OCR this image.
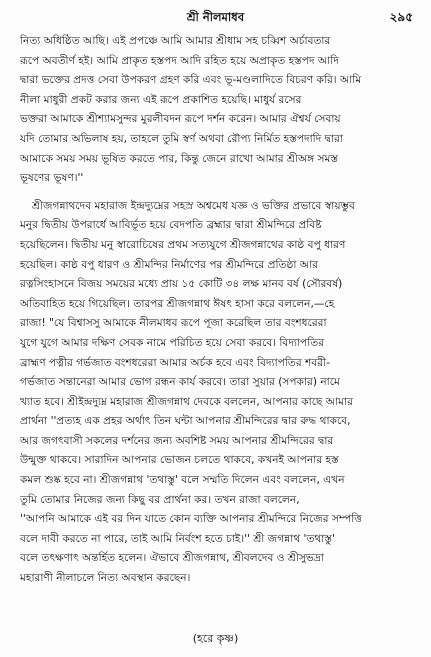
শ্রী নীলমাধব	২৯৫
নিত্য অধিষ্ঠিত আছি। এই প্রপঞ্চে আমি আমার শ্রীধাম সহ চব্বিশ অর্চাবতার
রূপে অবতীর্ণ হই। আমি প্রাকৃত হস্তপদ আদি রহিত হয়ে অপ্রাকৃত হস্তপদ আদি
দ্বারা ভক্তের প্রদত্ত সেবা উপকরণ গ্রহণ করি এবং ভূ-মণ্ডলাদিতে বিচরণ করি। আমি
নীলা মাধুরী প্রকট করার জন্য এই রূপে প্রকাশিত হয়েছি। মাধুর্য রসের
ভক্তরা আমাকে শ্রীশ্যামসুন্দর মুরলীবদন রূপে দর্শন করেন। আমার ঐশ্বর্য সেবায়
যদি তোমার অভিলাষ হয়, তাহলে তুমি স্বর্ণ অথবা রৌপ্য নির্মিত হস্তপদাদি দ্বারা
আমাকে সময় সময় ভূষিত করতে পার, কিন্তু জেনে রাখো আমার শ্রীঅঙ্গ সমস্ত
ভূষণের ভূষণ।''
শ্রীজগন্নাথদেব মহারাজ ইন্দ্রদ্যুম্নের সহস্র অশ্বমেধ যজ্ঞ ও ভক্তির প্রভাবে স্বায়ম্ভুব
মনুর দ্বিতীয় উপরার্ধে আবির্ভূত হয়ে বেদপতি ব্রহ্মার দ্বারা শ্রীমন্দিরে প্রবিষ্ট
হয়েছিলেন। দ্বিতীয় মনু স্বারোচিষের প্রথম সত্যযুগে শ্রীজগন্নাথের কাষ্ঠ বপু ধারণ
হয়েছিল। কাষ্ঠ বপু ধারণ ও শ্রীমন্দির নির্মাণের পর শ্রীমন্দিরে প্রতিষ্ঠা আর
রত্নসিংহাসনে বিজয় সময়ের মধ্যে প্রায় ১৫ কোটি ৩৪ লক্ষ মানব বর্ষ (সৌরবর্ষ)
অতিবাহিত হয়ে গিয়েছিল। তারপর শ্রীজগন্নাথ ঈষৎ হাসা করে বললেন,—হে
রাজা! "যে বিশ্বাসসু আমাকে নীলমাধব রূপে পূজা করেছিল তার বংশধরেরা
যুগে যুগে আমার দক্ষিণ সেবক নামে পরিচিত হয়ে সেবা করবে। বিদ্যাপতির
ব্রাহ্মণ পত্নীর গর্ভজাত বংশধরেরা আমার অর্চক হবে এবং বিদ্যাপতির শবরী-
গর্ভজাত সন্তানেরা আমার ভোগ রন্ধন কার্য করবে। তারা সুয়ার (সপকার) নামে
খ্যাত হবে। শ্রীইন্দ্রদ্যুম্ন মহারাজ শ্রীজগন্নাথ দেবকে বললেন, আপনার কাছে আমার
প্রার্থনা ''প্রত্যহ এক প্রহর অর্থাৎ তিন ঘন্টা আপনার শ্রীমন্দিরের দ্বার রুদ্ধ থাকবে,
আর জগৎবাসী সকলের দর্শনের জন্য অবশিষ্ট সময় আপনার শ্রীমন্দিরের দ্বার
উন্মুক্ত থাকবে। সারাদিন আপনার ভোজন চলতে থাকবে, কখনই আপনার হস্ত
কমল শুষ্ক হবে না। শ্রীজগন্নাথ 'তথাস্তু' বলে সম্মতি দিলেন এবং বললেন, এখন
তুমি তোমার নিজের জন্য কিছু বর প্রার্থনা কর। তখন রাজা বললেন,
''আপনি আমাকে এই বর দিন যাতে কোন ব্যক্তি আপনার শ্রীমন্দিরে নিজের সম্পত্তি
বলে দাবী করতে না পারে, তাই আমি নির্বংশ হতে চাই।'' শ্রী জগন্নাথ 'তথাস্তু'
বলে তৎক্ষণাৎ অন্তর্হিত হলেন। ঐভাবে শ্রীজগন্নাথ, শ্রীবলদেব ও শ্রীসুভদ্রা
মহারাণী নীলাচলে নিত্য অবস্থান করছেন।
(হরে কৃষ্ণ)
